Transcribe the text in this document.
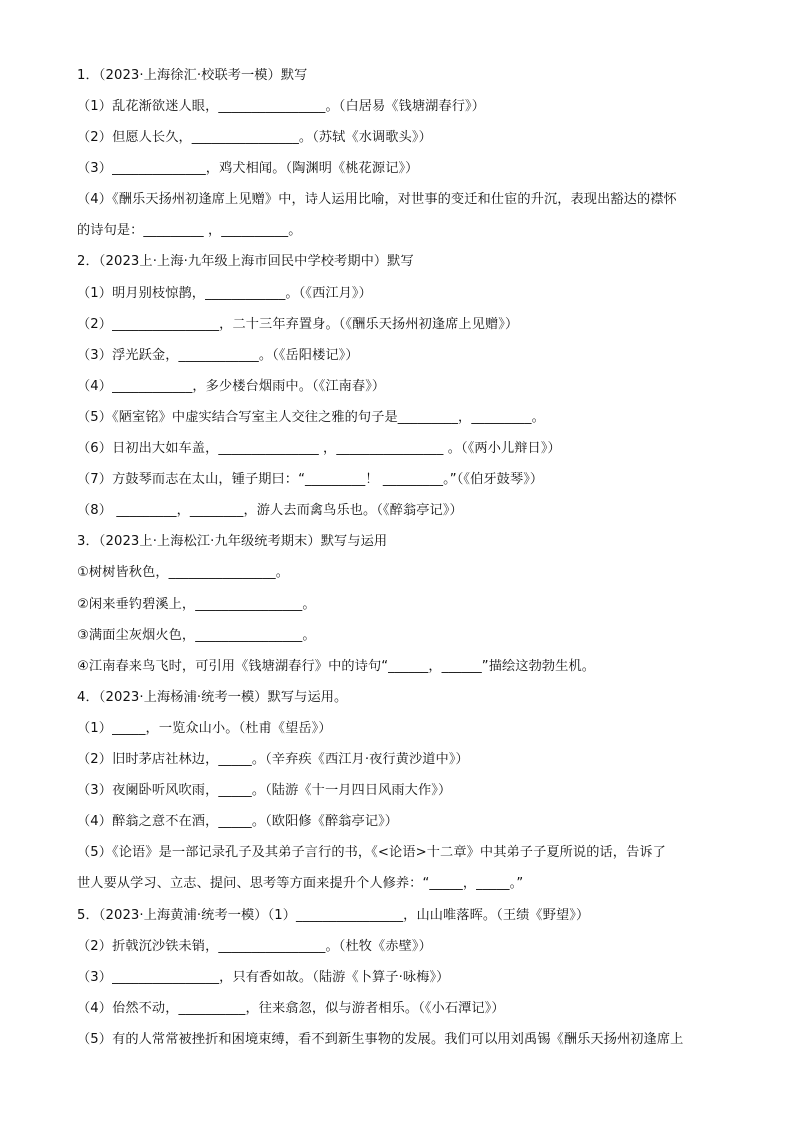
1．（2023·上海徐汇·校联考一模）默写
（1）乱花渐欲迷人眼，________________。（白居易《钱塘湖春行》）
（2）但愿人长久，________________。（苏轼《水调歌头》）
（3）______________，鸡犬相闻。（陶渊明《桃花源记》）
（4）《酬乐天扬州初逢席上见赠》中，诗人运用比喻，对世事的变迁和仕宦的升沉，表现出豁达的襟怀
的诗句是：_________ ，__________。
2．（2023上·上海·九年级上海市回民中学校考期中）默写
（1）明月别枝惊鹊，____________。（《西江月》）
（2）________________，二十三年弃置身。（《酬乐天扬州初逢席上见赠》）
（3）浮光跃金，____________。（《岳阳楼记》）
（4）____________，多少楼台烟雨中。（《江南春》）
（5）《陋室铭》中虚实结合写室主人交往之雅的句子是_________，_________。
（6）日初出大如车盖，_______________ ，________________ 。（《两小儿辩日》）
（7）方鼓琴而志在太山，锺子期曰：“_________！ _________。”（《伯牙鼓琴》）
（8） _________，________，游人去而禽鸟乐也。（《醉翁亭记》）
3．（2023上·上海松江·九年级统考期末）默写与运用
①树树皆秋色，________________。
②闲来垂钓碧溪上，________________。
③满面尘灰烟火色，________________。
④江南春来鸟飞时，可引用《钱塘湖春行》中的诗句“______，______”描绘这勃勃生机。
4．（2023·上海杨浦·统考一模）默写与运用。
（1）_____，一览众山小。（杜甫《望岳》）
（2）旧时茅店社林边，_____。（辛弃疾《西江月·夜行黄沙道中》）
（3）夜阑卧听风吹雨，_____。（陆游《十一月四日风雨大作》）
（4）醉翁之意不在酒，_____。（欧阳修《醉翁亭记》）
（5）《论语》是一部记录孔子及其弟子言行的书，《<论语>十二章》中其弟子子夏所说的话，告诉了
世人要从学习、立志、提问、思考等方面来提升个人修养：“_____，_____。”
5．（2023·上海黄浦·统考一模）（1）________________，山山唯落晖。（王绩《野望》）
（2）折戟沉沙铁未销，________________。（杜牧《赤壁》）
（3）________________，只有香如故。（陆游《卜算子·咏梅》）
（4）佁然不动，__________，往来翕忽，似与游者相乐。（《小石潭记》）
（5）有的人常常被挫折和困境束缚，看不到新生事物的发展。我们可以用刘禹锡《酬乐天扬州初逢席上
